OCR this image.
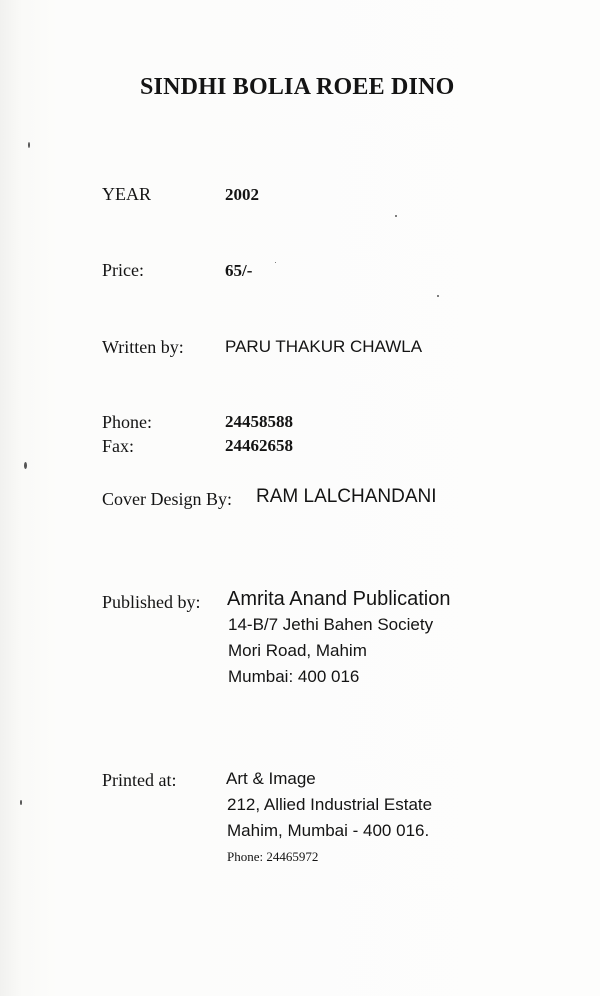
SINDHI BOLIA ROEE DINO
YEAR	2002
Price:	65/-
Written by: PARU THAKUR CHAWLA
Phone:	24458588
Fax:	24462658
Cover Design By: RAM LALCHANDANI
Published by: Amrita Anand Publication
14-B/7 Jethi Bahen Society
Mori Road, Mahim
Mumbai: 400 016
Printed at:	Art & Image
212, Allied Industrial Estate
Mahim, Mumbai - 400 016.
Phone: 24465972
